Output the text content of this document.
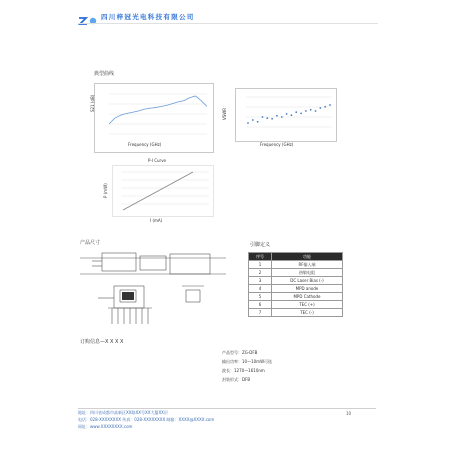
四川梓冠光电科技有限公司
典型曲线
S21 (dB)
Frequency (GHz)
VSWR
Frequency (GHz)
P-I Curve
P (mW)
I (mA)
产品尺寸	引脚定义
序号	功能
1	RF输入端
2	热敏电阻
3	DC Laser Bias (-)
4	MPD anode
5	MPD Cathode
6	TEC (+)
7	TEC (-)
订购信息—X X X X
产品型号：ZG-DFB
输出功率：10—10mW可选
波长：1270—1610nm
封装形式：DFB
地址：四川省成都市高新区XX路XX号XX大厦XX层
电话：028-XXXXXXXX 传真：028-XXXXXXXX 邮箱：XXXX@XXXX.com
网址：www.XXXXXXXX.com
10
